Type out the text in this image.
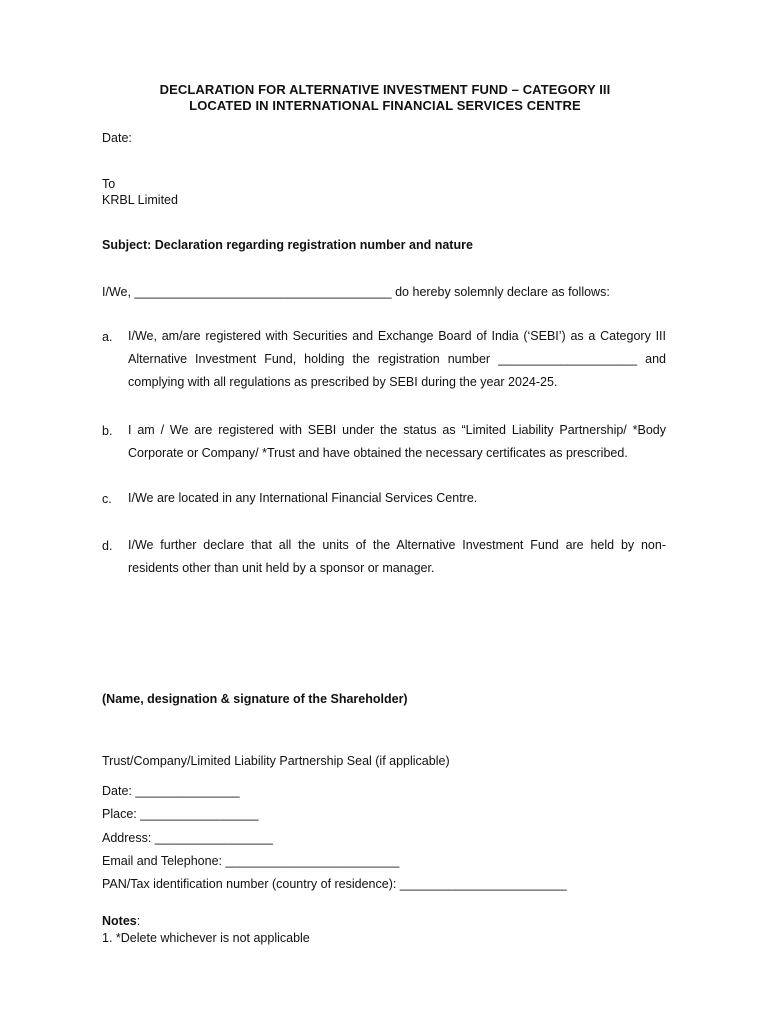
DECLARATION FOR ALTERNATIVE INVESTMENT FUND – CATEGORY III
LOCATED IN INTERNATIONAL FINANCIAL SERVICES CENTRE
Date:
To
KRBL Limited
Subject: Declaration regarding registration number and nature
I/We, _____________________________________ do hereby solemnly declare as follows:
a. I/We, am/are registered with Securities and Exchange Board of India (‘SEBI’) as a Category III
Alternative Investment Fund, holding the registration number ____________________ and
complying with all regulations as prescribed by SEBI during the year 2024-25.
b. I am / We are registered with SEBI under the status as “Limited Liability Partnership/ *Body
Corporate or Company/ *Trust and have obtained the necessary certificates as prescribed.
c. I/We are located in any International Financial Services Centre.
d. I/We further declare that all the units of the Alternative Investment Fund are held by non-
residents other than unit held by a sponsor or manager.
(Name, designation & signature of the Shareholder)
Trust/Company/Limited Liability Partnership Seal (if applicable)
Date: _______________
Place: _________________
Address: _________________
Email and Telephone: _________________________
PAN/Tax identification number (country of residence): ________________________
Notes:
1. *Delete whichever is not applicable
